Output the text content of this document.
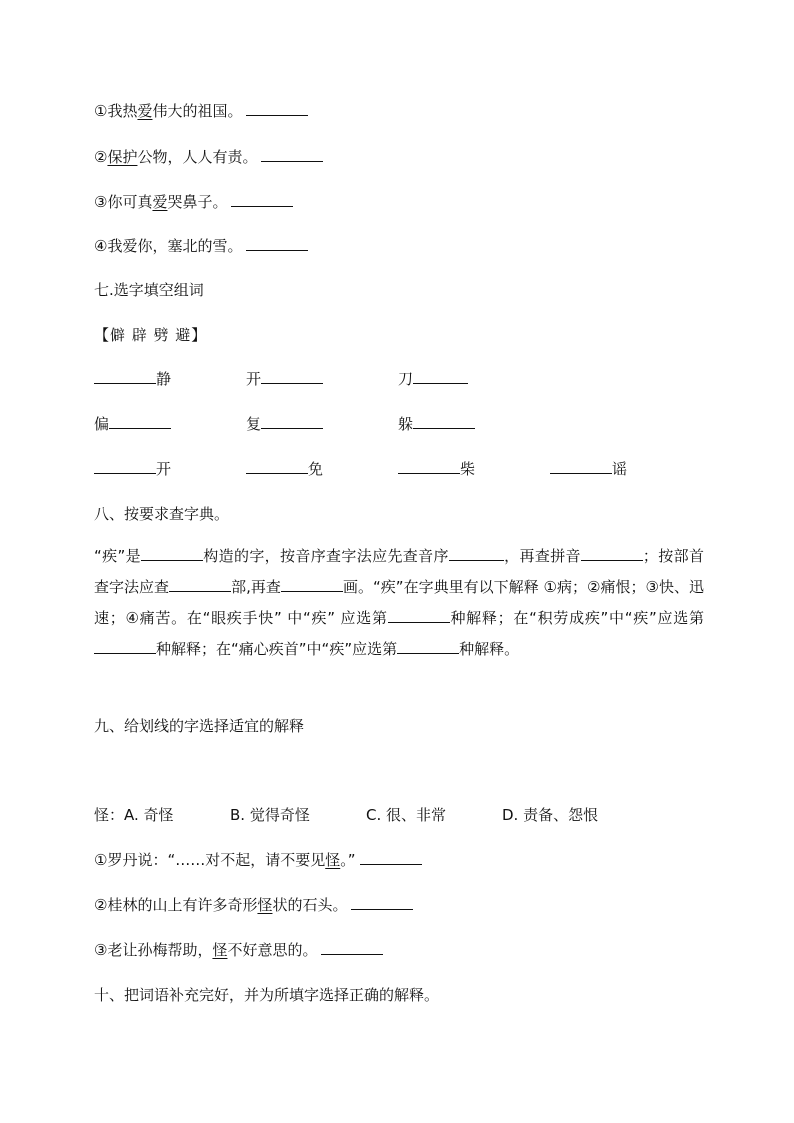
①我热爱伟大的祖国。
②保护公物，人人有责。
③你可真爱哭鼻子。
④我爱你，塞北的雪。
七.选字填空组词
【僻 辟 劈 避】
静	开	刀
偏	复	躲
开	免	柴	谣
八、按要求查字典。
“疾”是	构造的字，按音序查字法应先查音序	，再查拼音	；按部首查字法应查	部,再查	画。“疾”在字典里有以下解释 ①病；②痛恨；③快、迅速；④痛苦。在“眼疾手快” 中“疾” 应选第	种解释；在“积劳成疾”中“疾”应选第种解释；在“痛心疾首”中“疾”应选第	种解释。
九、给划线的字选择适宜的解释
怪：A. 奇怪	B. 觉得奇怪	C. 很、非常	D. 责备、怨恨
①罗丹说：“……对不起，请不要见怪。”
②桂林的山上有许多奇形怪状的石头。
③老让孙梅帮助，怪不好意思的。
十、把词语补充完好，并为所填字选择正确的解释。
